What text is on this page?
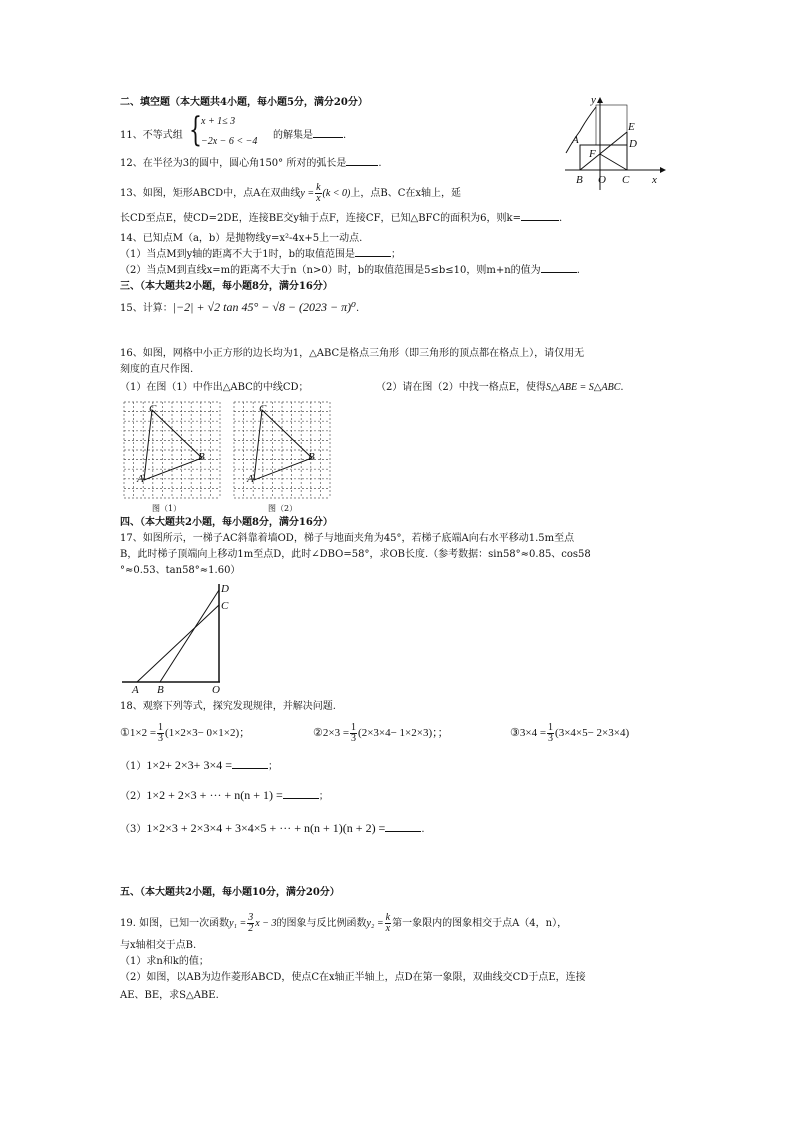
二、填空题（本大题共4小题，每小题5分，满分20分）
11、不等式组 { x + 1≤ 3
−2x − 6 < −4
的解集是	.
12、在半径为3的圆中，圆心角150° 所对的弧长是	.
13、如图，矩形ABCD中，点A在双曲线$y = \frac{k}{x} (k < 0)$上，点B、C在x轴上，延
长CD至点E，使CD=2DE，连接BE交y轴于点F，连接CF，已知△BFC的面积为6，则k=	.
y
A
E
D
F
B O C x
14、已知点M（a，b）是抛物线y=x²-4x+5上一动点.
（1）当点M到y轴的距离不大于1时，b的取值范围是	；
（2）当点M到直线x=m的距离不大于n（n>0）时，b的取值范围是5≤b≤10，则m+n的值为	.
三、（本大题共2小题，每小题8分，满分16分）
15、计算：|−2| + √2 tan 45° − √8 − (2023 − π)⁰.
16、如图，网格中小正方形的边长均为1，△ABC是格点三角形（即三角形的顶点都在格点上），请仅用无
刻度的直尺作图.
（1）在图（1）中作出△ABC的中线CD；	（2）请在图（2）中找一格点E，使得S△ABE = S△ABC.
C
B
A
图（1）
C
B
A
图（2）
四、（本大题共2小题，每小题8分，满分16分）
17、如图所示，一梯子AC斜靠着墙OD，梯子与地面夹角为45°，若梯子底端A向右水平移动1.5m至点
B，此时梯子顶端向上移动1m至点D，此时∠DBO=58°，求OB长度.（参考数据：sin58°≈0.85、cos58
°≈0.53、tan58°≈1.60）
D
C
A B	O
18、观察下列等式，探究发现规律，并解决问题.
①1×2 = $\frac{1}{3} (1\times 2\times 3- 0\times 1\times 2)$；	②2×3 = $\frac{1}{3} (2\times 3\times 4- 1\times 2\times 3)$；；	③3×4 = $\frac{1}{3} (3\times 4\times 5- 2\times 3\times 4)$
（1）1×2+ 2×3+ 3×4 =	；
（2）1×2 + 2×3 + ··· + n(n + 1) =	；
（3）1×2×3 + 2×3×4 + 3×4×5 + ··· + n(n + 1)(n + 2) =	.
五、（本大题共2小题，每小题10分，满分20分）
19. 如图，已知一次函数$y_1 = \frac{3}{2}$ x − 3的图象与反比例函数$y_2 = \frac{k}{x}$ 第一象限内的图象相交于点A（4，n），
与x轴相交于点B.
（1）求n和k的值；
（2）如图，以AB为边作菱形ABCD，使点C在x轴正半轴上，点D在第一象限，双曲线交CD于点E，连接
AE、BE，求S△ABE.
